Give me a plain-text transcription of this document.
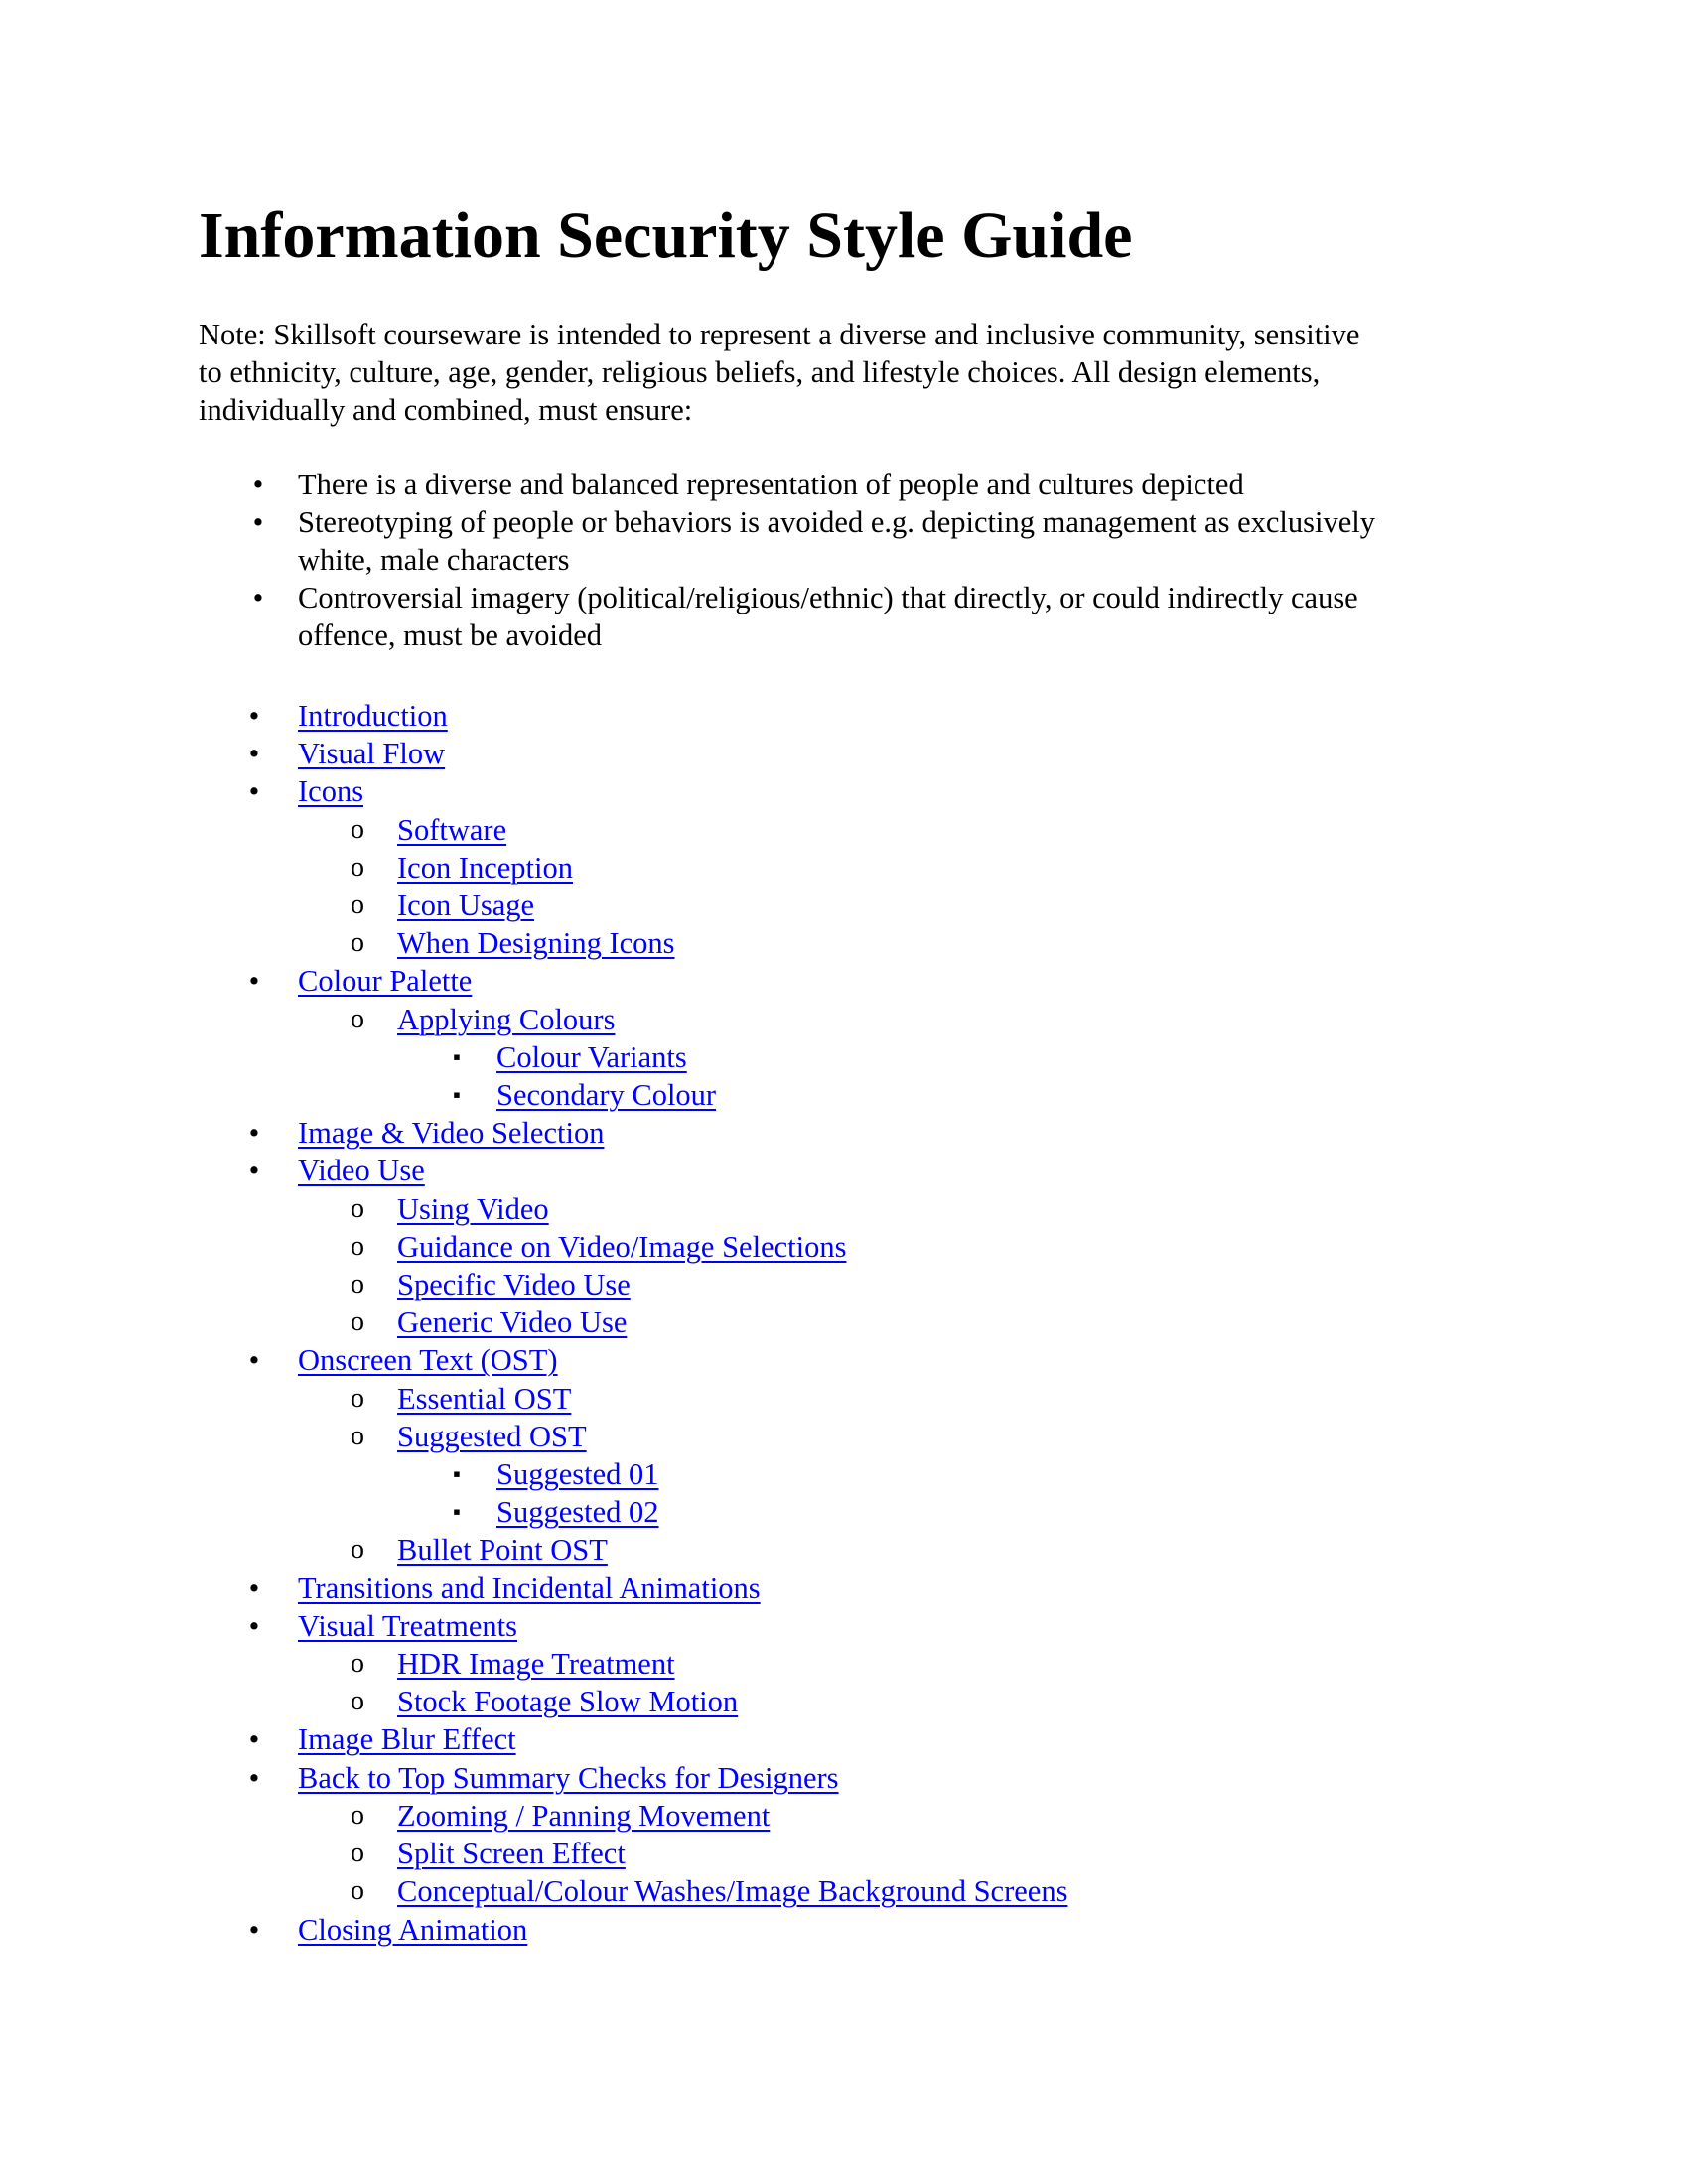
Information Security Style Guide

Note: Skillsoft courseware is intended to represent a diverse and inclusive community, sensitive
to ethnicity, culture, age, gender, religious beliefs, and lifestyle choices. All design elements,
individually and combined, must ensure:

• There is a diverse and balanced representation of people and cultures depicted
• Stereotyping of people or behaviors is avoided e.g. depicting management as exclusively
white, male characters
• Controversial imagery (political/religious/ethnic) that directly, or could indirectly cause
offence, must be avoided
• Introduction
• Visual Flow
• Icons
o Software
o Icon Inception
o Icon Usage
o When Designing Icons
• Colour Palette
o Applying Colours
▪ Colour Variants
▪ Secondary Colour
• Image & Video Selection
• Video Use
o Using Video
o Guidance on Video/Image Selections
o Specific Video Use
o Generic Video Use
• Onscreen Text (OST)
o Essential OST
o Suggested OST
▪ Suggested 01
▪ Suggested 02
o Bullet Point OST
• Transitions and Incidental Animations
• Visual Treatments
o HDR Image Treatment
o Stock Footage Slow Motion
• Image Blur Effect
• Back to Top Summary Checks for Designers
o Zooming / Panning Movement
o Split Screen Effect
o Conceptual/Colour Washes/Image Background Screens
• Closing Animation
